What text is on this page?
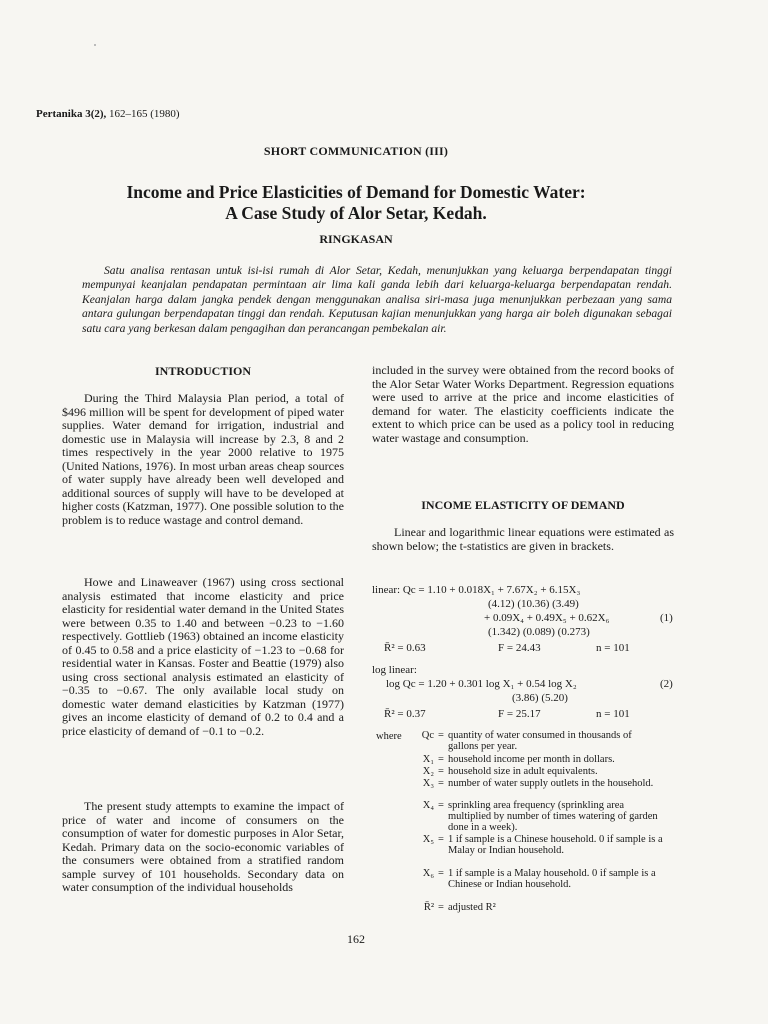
Pertanika 3(2), 162–165 (1980)
SHORT COMMUNICATION (III)
Income and Price Elasticities of Demand for Domestic Water:
A Case Study of Alor Setar, Kedah.
RINGKASAN

Satu analisa rentasan untuk isi-isi rumah di Alor Setar, Kedah, menunjukkan yang keluarga berpendapatan tinggi mempunyai keanjalan pendapatan permintaan air lima kali ganda lebih dari keluarga-keluarga berpendapatan rendah. Keanjalan harga dalam jangka pendek dengan menggunakan analisa siri-masa juga menunjukkan perbezaan yang sama antara gulungan berpendapatan tinggi dan rendah. Keputusan kajian menunjukkan yang harga air boleh digunakan sebagai satu cara yang berkesan dalam pengagihan dan perancangan pembekalan air.

INTRODUCTION

During the Third Malaysia Plan period, a total of $496 million will be spent for development of piped water supplies. Water demand for irrigation, industrial and domestic use in Malaysia will increase by 2.3, 8 and 2 times respectively in the year 2000 relative to 1975 (United Nations, 1976). In most urban areas cheap sources of water supply have already been well developed and additional sources of supply will have to be developed at higher costs (Katzman, 1977). One possible solution to the problem is to reduce wastage and control demand.

Howe and Linaweaver (1967) using cross sectional analysis estimated that income elasticity and price elasticity for residential water demand in the United States were between 0.35 to 1.40 and between −0.23 to −1.60 respectively. Gottlieb (1963) obtained an income elasticity of 0.45 to 0.58 and a price elasticity of −1.23 to −0.68 for residential water in Kansas. Foster and Beattie (1979) also using cross sectional analysis estimated an elasticity of −0.35 to −0.67. The only available local study on domestic water demand elasticities by Katzman (1977) gives an income elasticity of demand of 0.2 to 0.4 and a price elasticity of demand of −0.1 to −0.2.

The present study attempts to examine the impact of price of water and income of consumers on the consumption of water for domestic purposes in Alor Setar, Kedah. Primary data on the socio-economic variables of the consumers were obtained from a stratified random sample survey of 101 households. Secondary data on water consumption of the individual households

included in the survey were obtained from the record books of the Alor Setar Water Works Department. Regression equations were used to arrive at the price and income elasticities of demand for water. The elasticity coefficients indicate the extent to which price can be used as a policy tool in reducing water wastage and consumption.

INCOME ELASTICITY OF DEMAND

Linear and logarithmic linear equations were estimated as shown below; the t-statistics are given in brackets.

linear: Qc = 1.10 + 0.018X₁ + 7.67X₂ + 6.15X₃
(4.12) (10.36) (3.49)
+ 0.09X₄ + 0.49X₅ + 0.62X₆	(1)
(1.342) (0.089) (0.273)
R̄² = 0.63	F = 24.43	n = 101
log linear:
log Qc = 1.20 + 0.301 log X₁ + 0.54 log X₂	(2)
(3.86) (5.20)
R̄² = 0.37	F = 25.17	n = 101
where	Qc = quantity of water consumed in thousands of gallons per year.
X₁ = household income per month in dollars.
X₂ = household size in adult equivalents.
X₃ = number of water supply outlets in the household.
X₄ = sprinkling area frequency (sprinkling area multiplied by number of times watering of garden done in a week).
X₅ = 1 if sample is a Chinese household. 0 if sample is a Malay or Indian household.
X₆ = 1 if sample is a Malay household. 0 if sample is a Chinese or Indian household.
R̄² = adjusted R²
162
